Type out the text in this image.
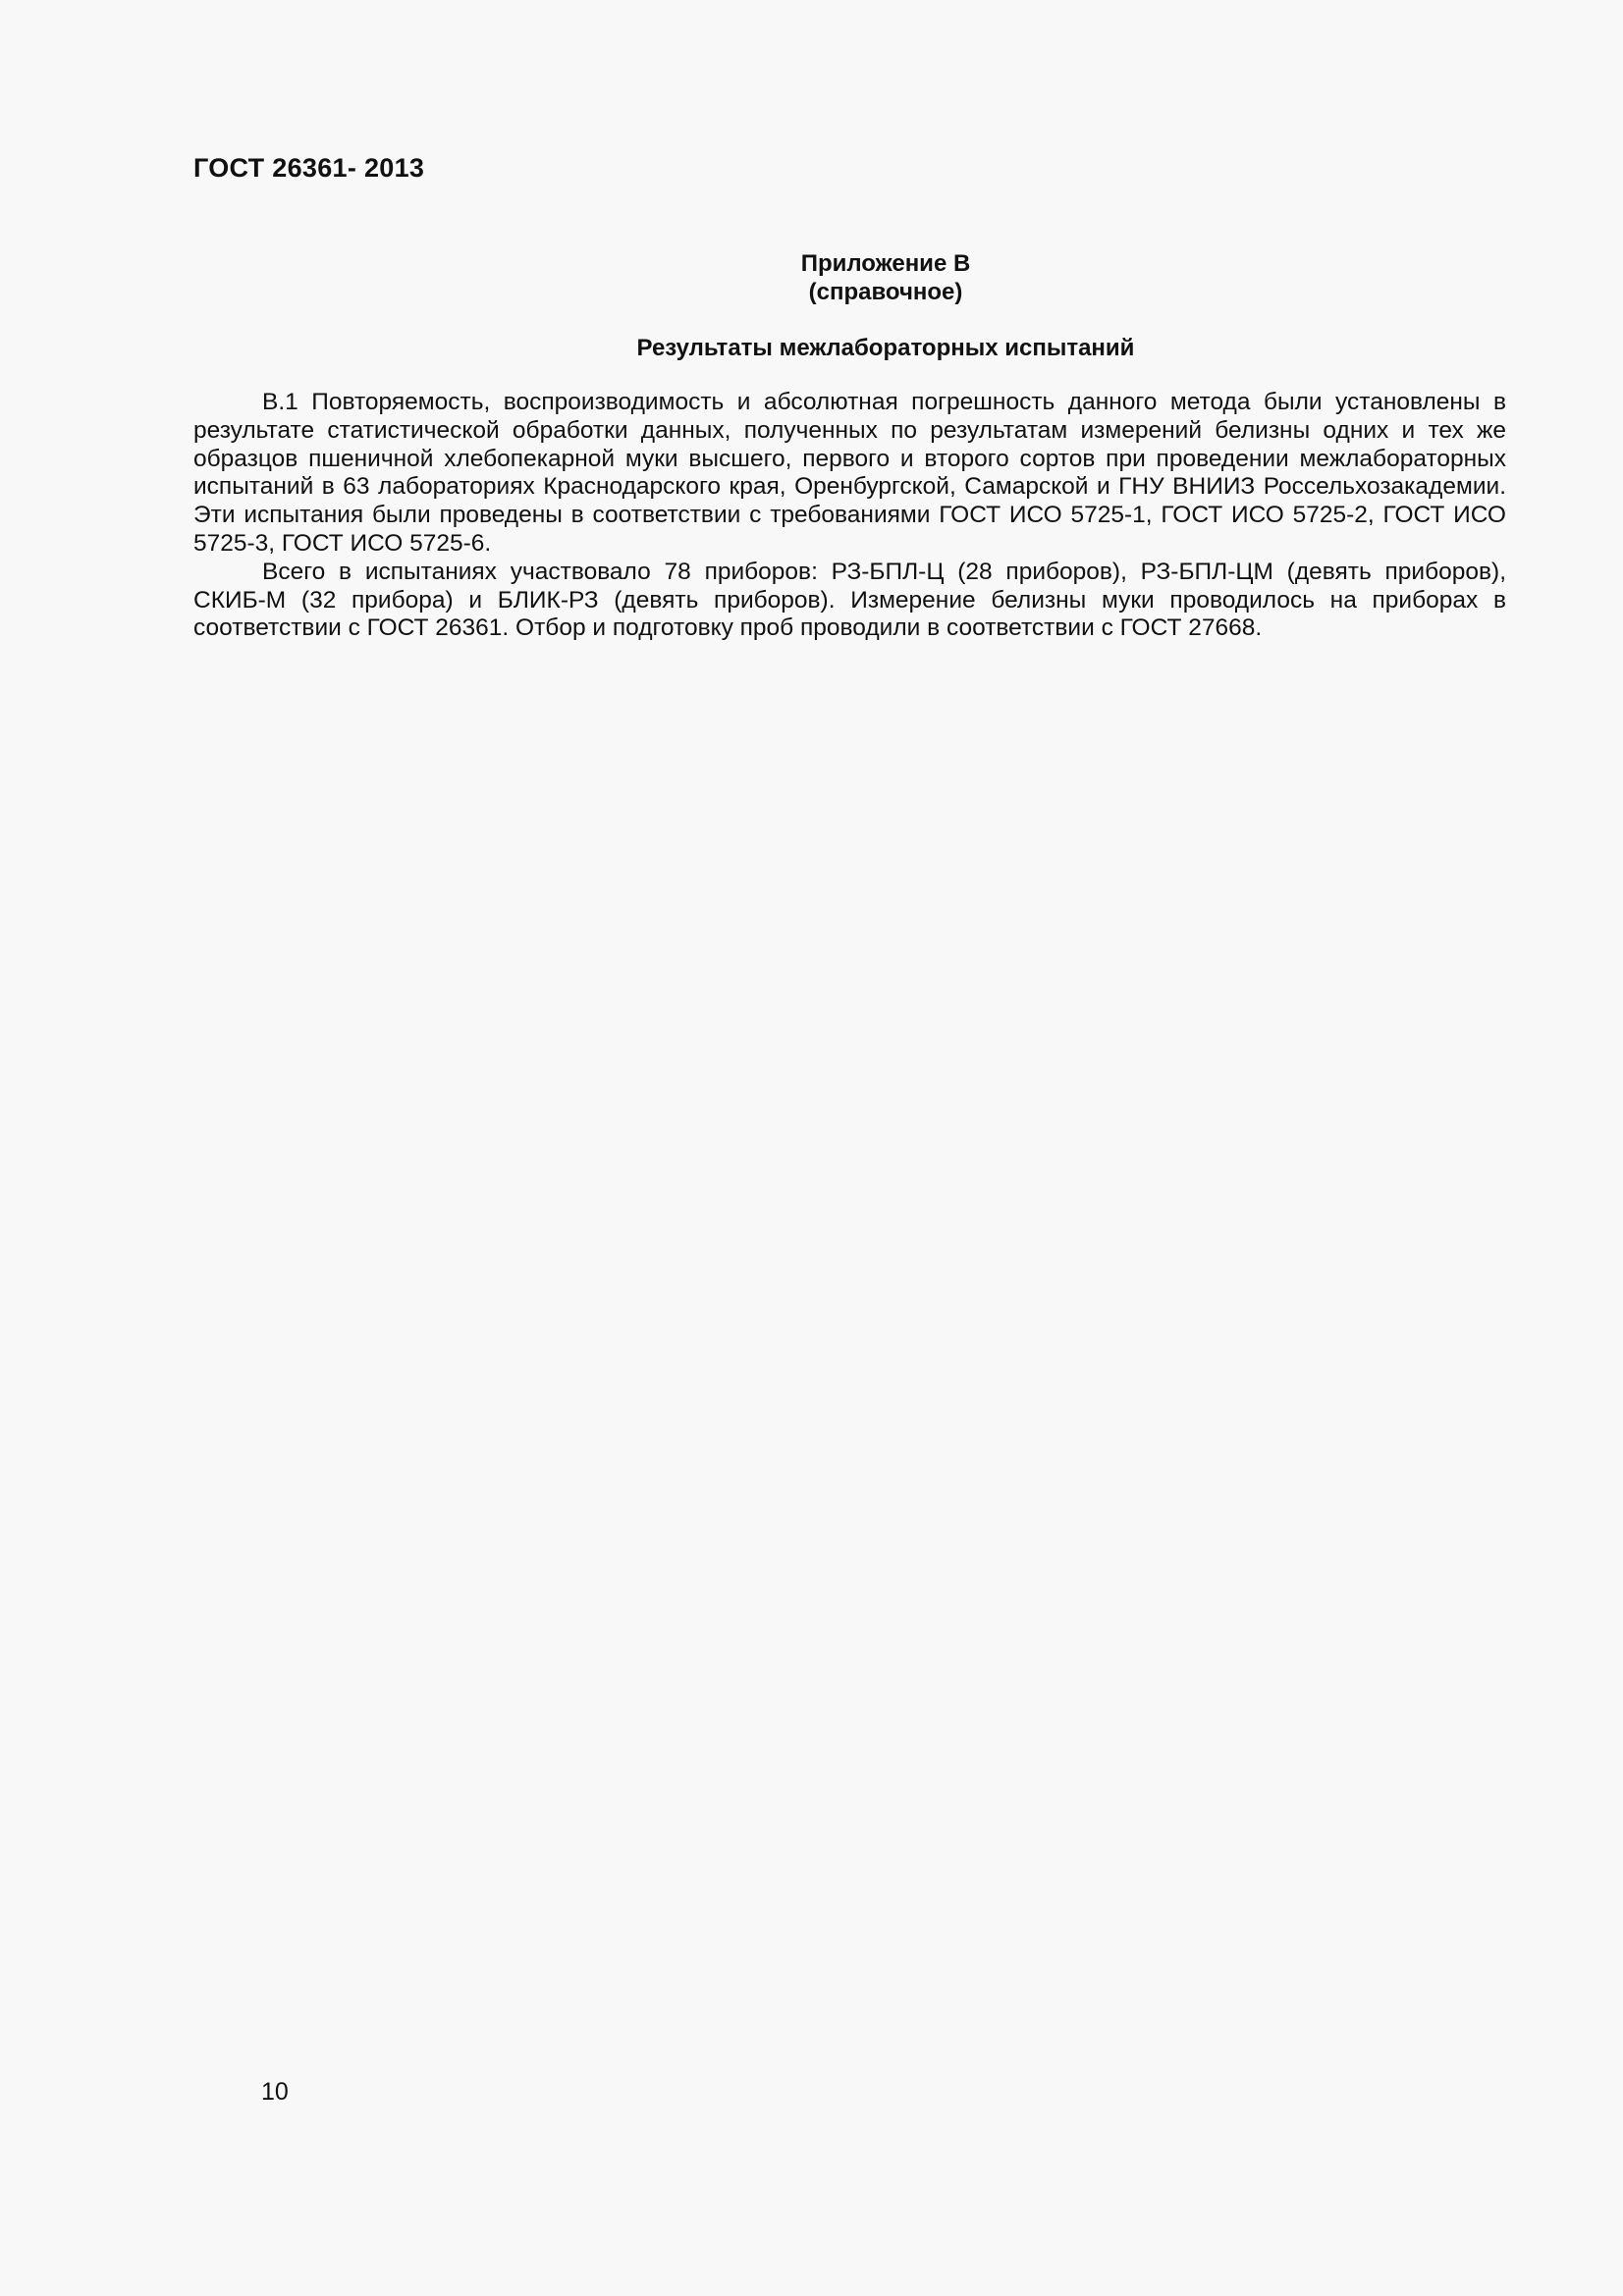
ГОСТ 26361- 2013
Приложение В
(справочное)
Результаты межлабораторных испытаний

В.1 Повторяемость, воспроизводимость и абсолютная погрешность данного метода были установлены в результате статистической обработки данных, полученных по результатам измерений белизны одних и тех же образцов пшеничной хлебопекарной муки высшего, первого и второго сортов при проведении межлабораторных испытаний в 63 лабораториях Краснодарского края, Оренбургской, Самарской и ГНУ ВНИИЗ Россельхозакадемии. Эти испытания были проведены в соответствии с требованиями ГОСТ ИСО 5725-1, ГОСТ ИСО 5725-2, ГОСТ ИСО 5725-3, ГОСТ ИСО 5725-6.

Всего в испытаниях участвовало 78 приборов: РЗ-БПЛ-Ц (28 приборов), РЗ-БПЛ-ЦМ (девять приборов), СКИБ-М (32 прибора) и БЛИК-РЗ (девять приборов). Измерение белизны муки проводилось на приборах в соответствии с ГОСТ 26361. Отбор и подготовку проб проводили в соответствии с ГОСТ 27668.

10
